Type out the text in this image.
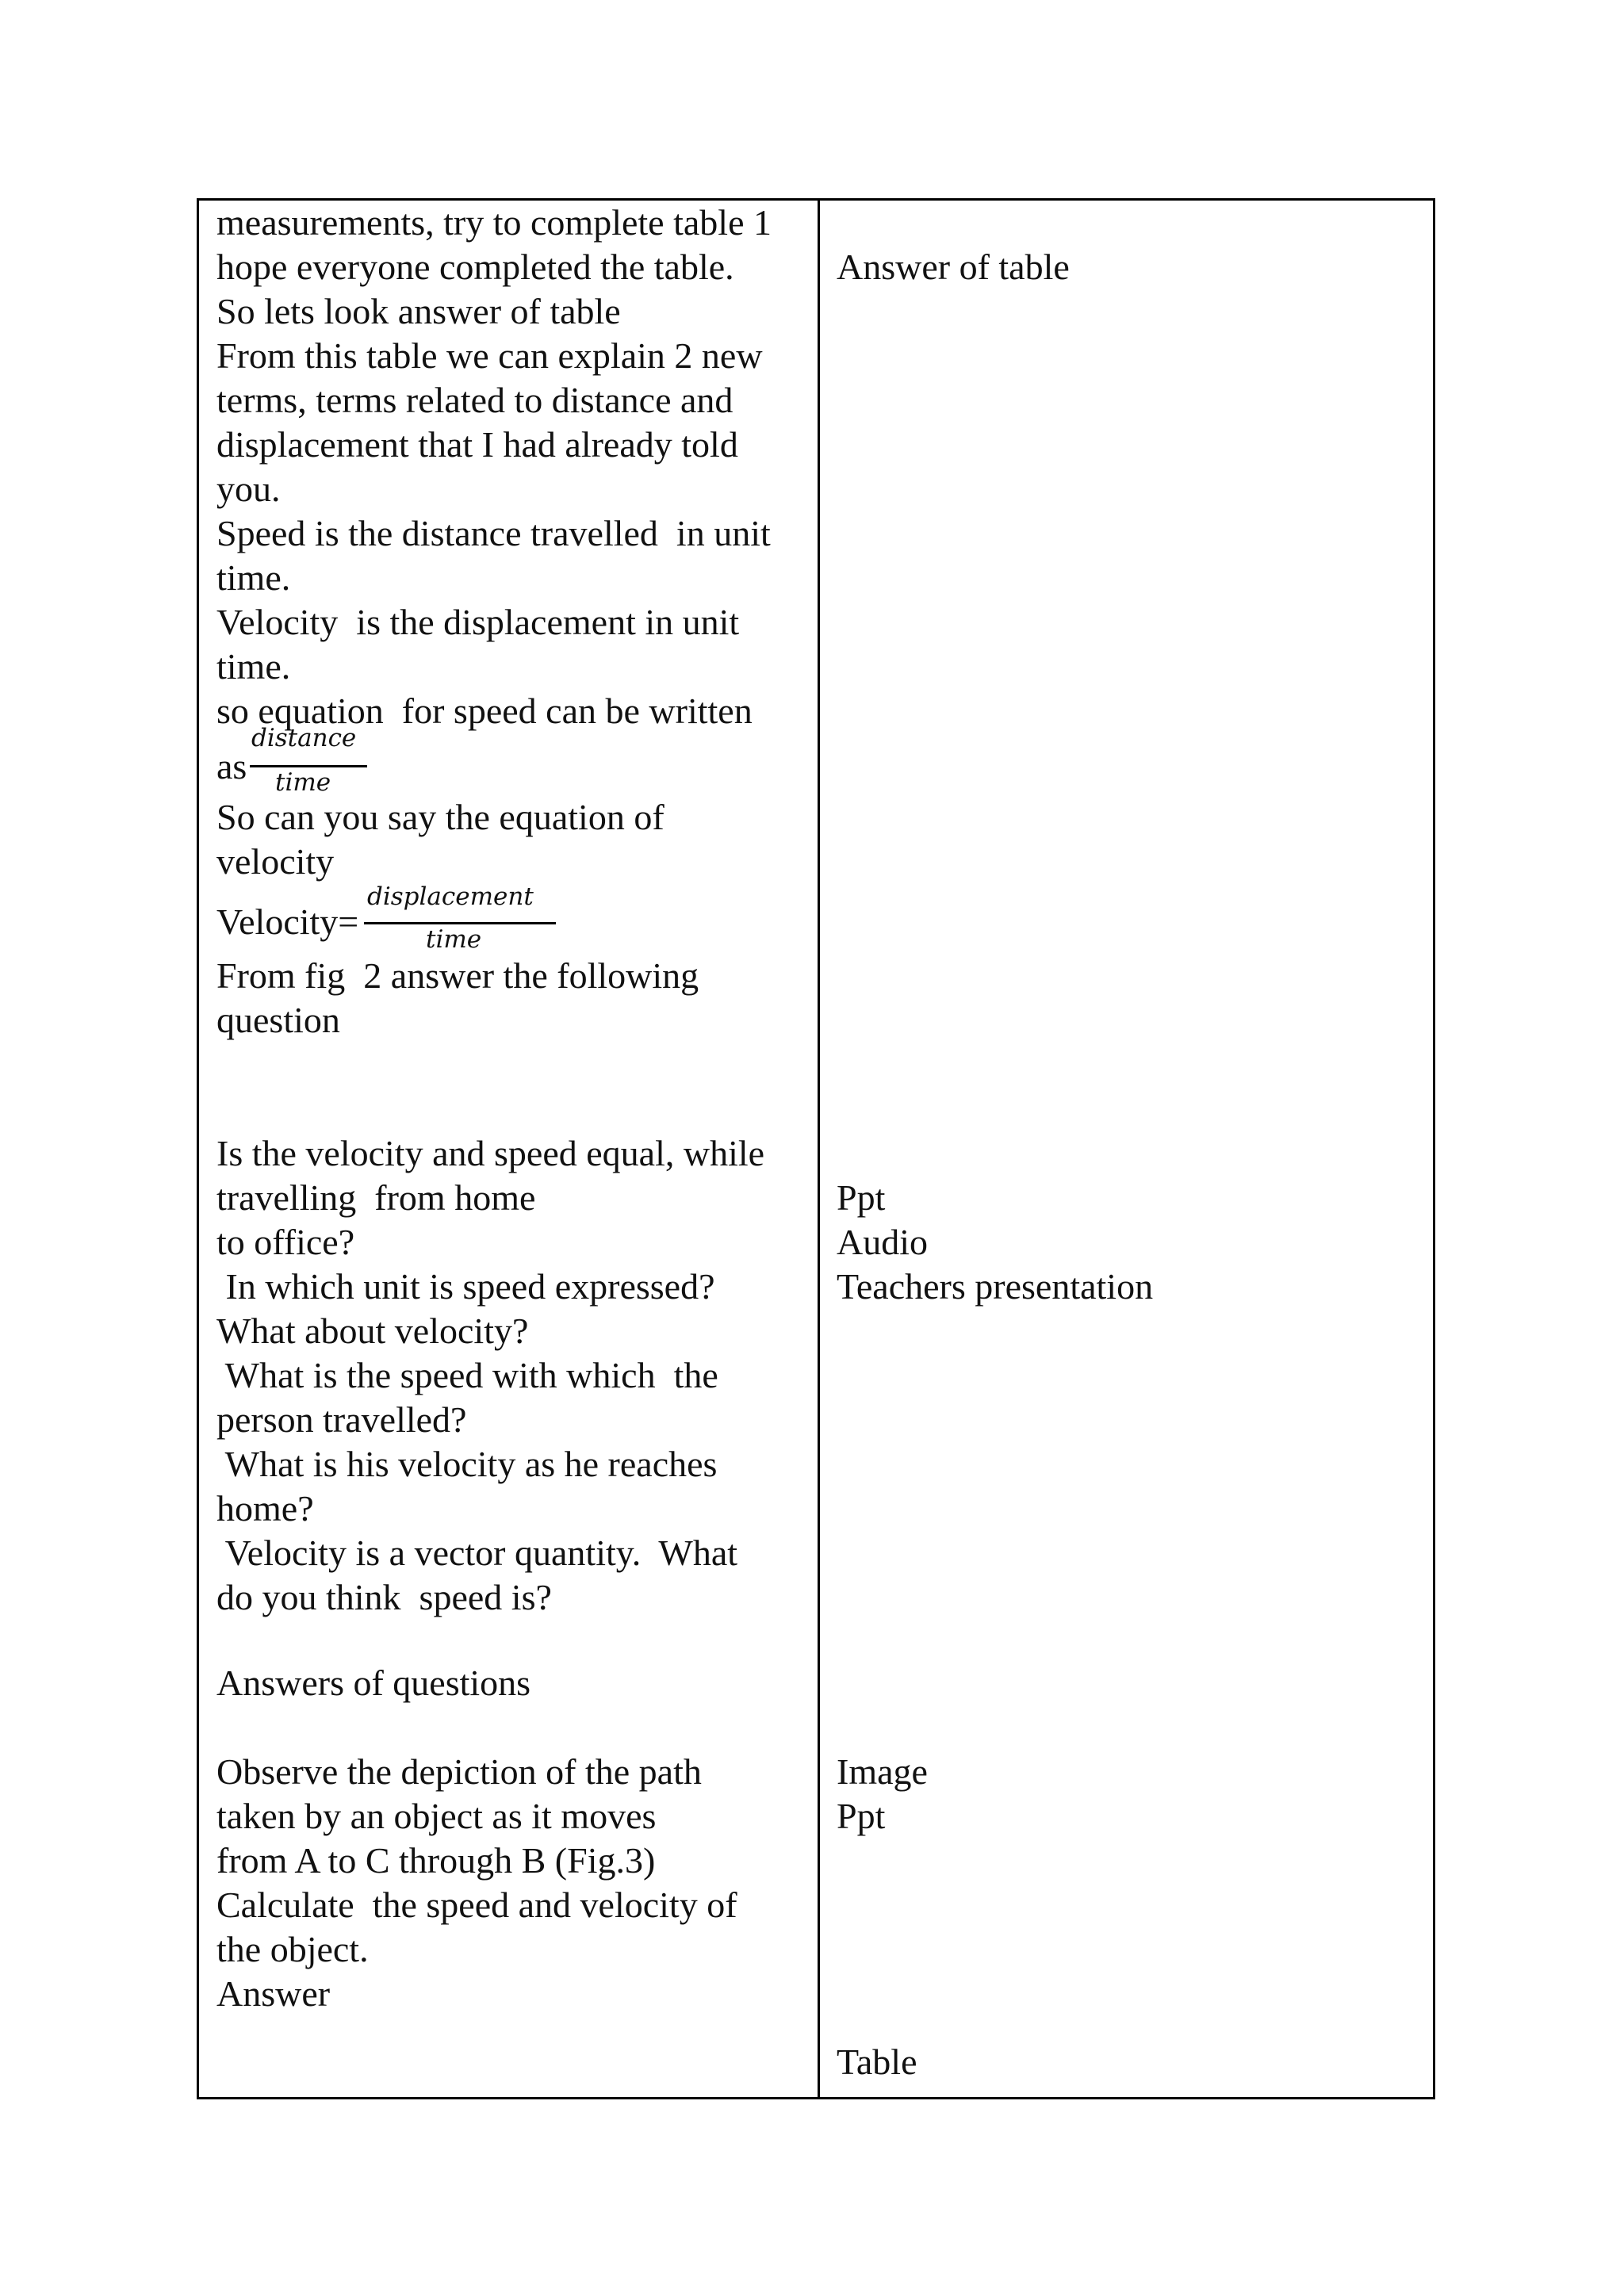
measurements, try to complete table 1
hope everyone completed the table.
So lets look answer of table
From this table we can explain 2 new
terms, terms related to distance and
displacement that I had already told
you.
Speed is the distance travelled  in unit
time.
Velocity  is the displacement in unit
time.
so equation  for speed can be written

as
distance
time

So can you say the equation of
velocity

Velocity=
displacement
time

From fig  2 answer the following
question

Is the velocity and speed equal, while
travelling  from home
to office?
In which unit is speed expressed?
What about velocity?
What is the speed with which  the
person travelled?
What is his velocity as he reaches
home?
Velocity is a vector quantity.  What
do you think  speed is?

Answers of questions

Observe the depiction of the path
taken by an object as it moves
from A to C through B (Fig.3)
Calculate  the speed and velocity of
the object.
Answer

Answer of table

Ppt
Audio
Teachers presentation

Image
Ppt

Table
